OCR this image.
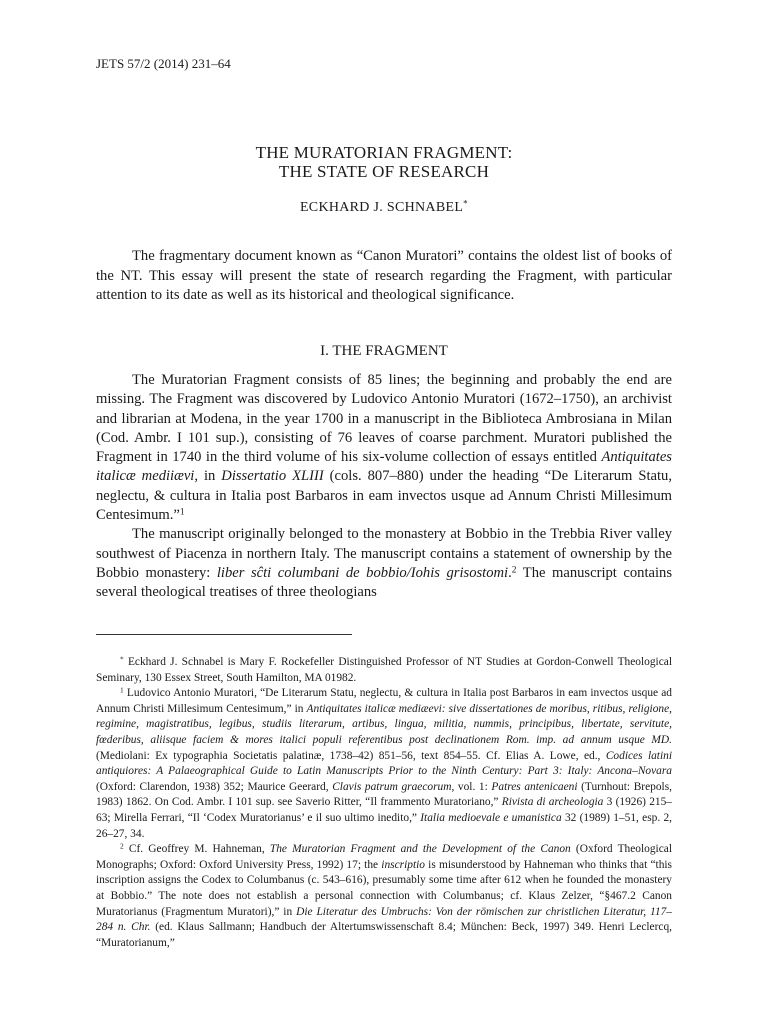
JETS 57/2 (2014) 231–64
THE MURATORIAN FRAGMENT:
THE STATE OF RESEARCH
ECKHARD J. SCHNABEL*

The fragmentary document known as “Canon Muratori” contains the oldest list of books of the NT. This essay will present the state of research regarding the Fragment, with particular attention to its date as well as its historical and theological significance.

I. THE FRAGMENT

The Muratorian Fragment consists of 85 lines; the beginning and probably the end are missing. The Fragment was discovered by Ludovico Antonio Muratori (1672–1750), an archivist and librarian at Modena, in the year 1700 in a manuscript in the Biblioteca Ambrosiana in Milan (Cod. Ambr. I 101 sup.), consisting of 76 leaves of coarse parchment. Muratori published the Fragment in 1740 in the third volume of his six-volume collection of essays entitled Antiquitates italicæ mediiævi, in Dissertatio XLIII (cols. 807–880) under the heading “De Literarum Statu, neglectu, & cultura in Italia post Barbaros in eam invectos usque ad Annum Christi Millesimum Centesimum.”$^1$

The manuscript originally belonged to the monastery at Bobbio in the Trebbia River valley southwest of Piacenza in northern Italy. The manuscript contains a statement of ownership by the Bobbio monastery: liber sĉti columbani de bobbio/Iohis grisostomi.$^2$ The manuscript contains several theological treatises of three theologians

* Eckhard J. Schnabel is Mary F. Rockefeller Distinguished Professor of NT Studies at Gordon-Conwell Theological Seminary, 130 Essex Street, South Hamilton, MA 01982.

$^1$ Ludovico Antonio Muratori, “De Literarum Statu, neglectu, & cultura in Italia post Barbaros in eam invectos usque ad Annum Christi Millesimum Centesimum,” in Antiquitates italicæ mediæevi: sive dissertationes de moribus, ritibus, religione, regimine, magistratibus, legibus, studiis literarum, artibus, lingua, militia, nummis, principibus, libertate, servitute, fœderibus, aliisque faciem & mores italici populi referentibus post declinationem Rom. imp. ad annum usque MD. (Mediolani: Ex typographia Societatis palatinæ, 1738–42) 851–56, text 854–55. Cf. Elias A. Lowe, ed., Codices latini antiquiores: A Palaeographical Guide to Latin Manuscripts Prior to the Ninth Century: Part 3: Italy: Ancona–Novara (Oxford: Clarendon, 1938) 352; Maurice Geerard, Clavis patrum graecorum, vol. 1: Patres antenicaeni (Turnhout: Brepols, 1983) 1862. On Cod. Ambr. I 101 sup. see Saverio Ritter, “Il frammento Muratoriano,” Rivista di archeologia 3 (1926) 215–63; Mirella Ferrari, “Il ‘Codex Muratorianus’ e il suo ultimo inedito,” Italia medioevale e umanistica 32 (1989) 1–51, esp. 2, 26–27, 34.

$^2$ Cf. Geoffrey M. Hahneman, The Muratorian Fragment and the Development of the Canon (Oxford Theological Monographs; Oxford: Oxford University Press, 1992) 17; the inscriptio is misunderstood by Hahneman who thinks that “this inscription assigns the Codex to Columbanus (c. 543–616), presumably some time after 612 when he founded the monastery at Bobbio.” The note does not establish a personal connection with Columbanus; cf. Klaus Zelzer, “§467.2 Canon Muratorianus (Fragmentum Muratori),” in Die Literatur des Umbruchs: Von der römischen zur christlichen Literatur, 117–284 n. Chr. (ed. Klaus Sallmann; Handbuch der Altertumswissenschaft 8.4; München: Beck, 1997) 349. Henri Leclercq, “Muratorianum,”
